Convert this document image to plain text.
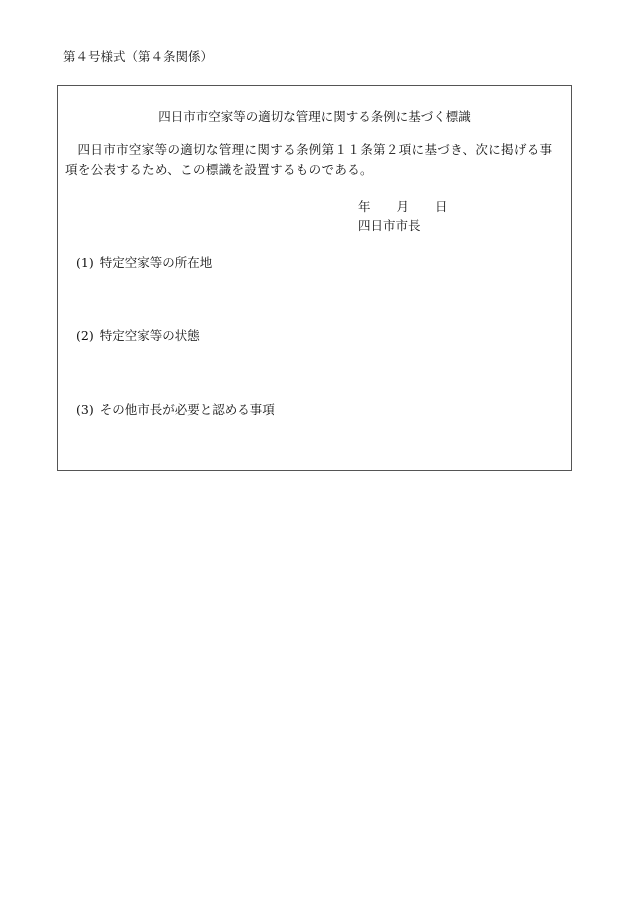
第４号様式（第４条関係）
四日市市空家等の適切な管理に関する条例に基づく標識
四日市市空家等の適切な管理に関する条例第１１条第２項に基づき、次に掲げる事項を公表するため、この標識を設置するものである。
年 月 日
四日市市長
(1) 特定空家等の所在地
(2) 特定空家等の状態
(3) その他市長が必要と認める事項
